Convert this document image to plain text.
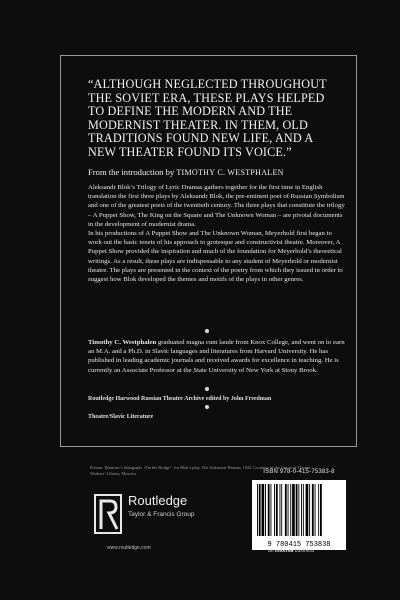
“ALTHOUGH NEGLECTED THROUGHOUT THE SOVIET ERA, THESE PLAYS HELPED TO DEFINE THE MODERN AND THE MODERNIST THEATER. IN THEM, OLD TRADITIONS FOUND NEW LIFE, AND A NEW THEATER FOUND ITS VOICE.”

From the introduction by TIMOTHY C. WESTPHALEN

Aleksandr Blok’s Trilogy of Lyric Dramas gathers together for the first time in English translation the first three plays by Aleksandr Blok, the pre-eminent poet of Russian Symbolism and one of the greatest poets of the twentieth century. The three plays that constitute the trilogy – A Puppet Show, The King on the Square and The Unknown Woman – are pivotal documents in the development of modernist drama.

In his productions of A Puppet Show and The Unknown Woman, Meyerhold first began to work out the basic tenets of his approach to grotesque and constructivist theatre. Moreover, A Puppet Show provided the inspiration and much of the foundation for Meyerhold’s theoretical writings. As a result, these plays are indispensable to any student of Meyerhold or modernist theatre. The plays are presented in the context of the poetry from which they issued in order to suggest how Blok developed the themes and motifs of the plays in other genres.

Timothy C. Westphalen graduated magna cum laude from Knox College, and went on to earn an M.A. and a Ph.D. in Slavic languages and literatures from Harvard University. He has published in leading academic journals and received awards for excellence in teaching. He is currently an Associate Professor at the State University of New York at Stony Brook.

Routledge Harwood Russian Theatre Archive edited by John Freedman

Theatre/Slavic Literature

Picture: Dmitriev’s lithograph, “On the Bridge”, for Blok’s play, The Unknown Woman, 1922. Courtesy of the Union of Theater Workers’ Library, Moscow

Routledge
Taylor & Francis Group
www.routledge.com
ISBN 978-0-415-75383-8
9 780415 753838
an informa business
